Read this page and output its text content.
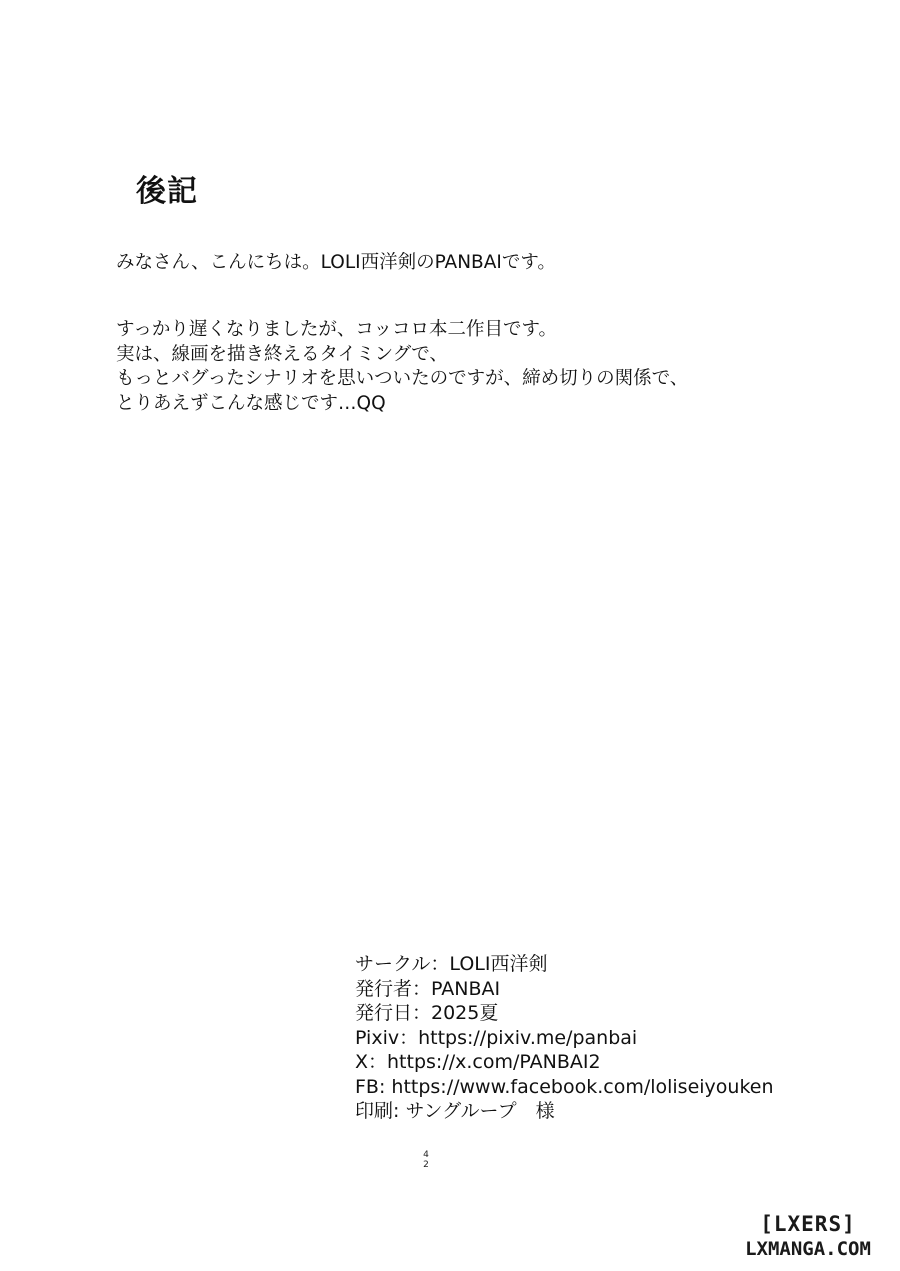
後記
みなさん、こんにちは。LOLI西洋剣のPANBAIです。
すっかり遅くなりましたが、コッコロ本二作目です。
実は、線画を描き終えるタイミングで、
もっとバグったシナリオを思いついたのですが、締め切りの関係で、
とりあえずこんな感じです…QQ
サークル：LOLI西洋剣
発行者：PANBAI
発行日：2025夏
Pixiv：https://pixiv.me/panbai
X：https://x.com/PANBAI2
FB: https://www.facebook.com/loliseiyouken
印刷: サングループ　様
4
2
[LXERS]
LXMANGA.COM
